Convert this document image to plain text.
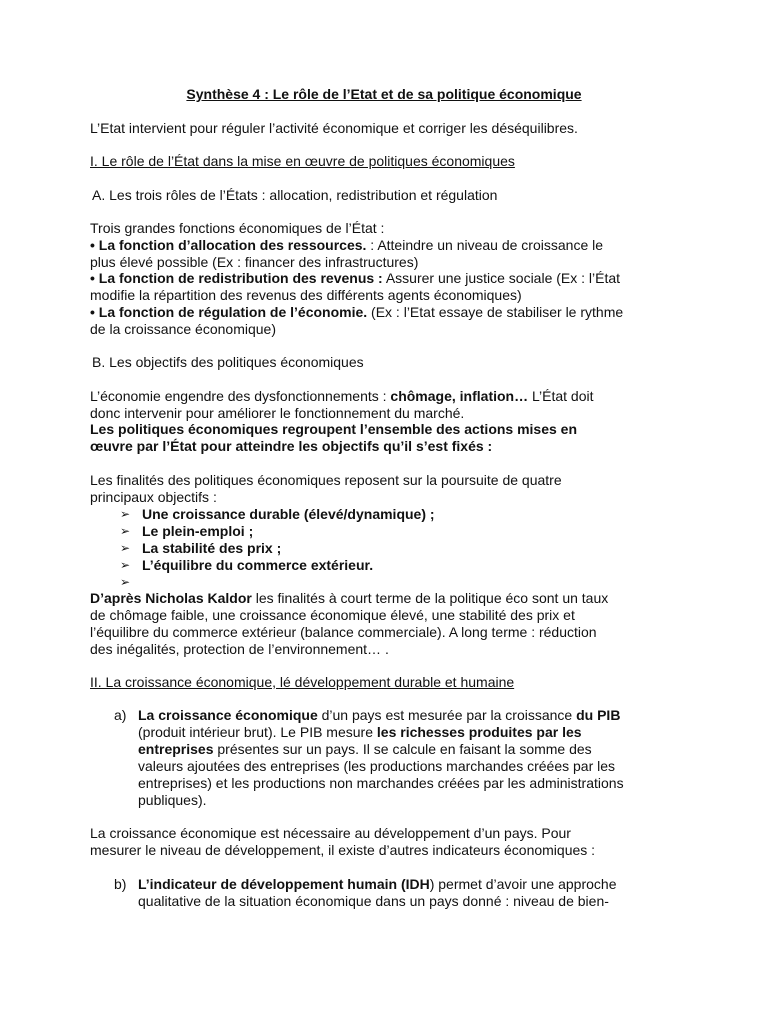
Synthèse 4 : Le rôle de l’Etat et de sa politique économique
L’Etat intervient pour réguler l’activité économique et corriger les déséquilibres.
I. Le rôle de l’État dans la mise en œuvre de politiques économiques
A. Les trois rôles de l’États : allocation, redistribution et régulation
Trois grandes fonctions économiques de l’État :
• La fonction d’allocation des ressources. : Atteindre un niveau de croissance le
plus élevé possible (Ex : financer des infrastructures)
• La fonction de redistribution des revenus : Assurer une justice sociale (Ex : l’État
modifie la répartition des revenus des différents agents économiques)
• La fonction de régulation de l’économie. (Ex : l’Etat essaye de stabiliser le rythme
de la croissance économique)
B. Les objectifs des politiques économiques
L’économie engendre des dysfonctionnements : chômage, inflation… L’État doit
donc intervenir pour améliorer le fonctionnement du marché.
Les politiques économiques regroupent l’ensemble des actions mises en
œuvre par l’État pour atteindre les objectifs qu’il s’est fixés :
Les finalités des politiques économiques reposent sur la poursuite de quatre
principaux objectifs :
➢ Une croissance durable (élevé/dynamique) ;
➢ Le plein-emploi ;
➢ La stabilité des prix ;
➢ L’équilibre du commerce extérieur.
➢
D’après Nicholas Kaldor les finalités à court terme de la politique éco sont un taux
de chômage faible, une croissance économique élevé, une stabilité des prix et
l’équilibre du commerce extérieur (balance commerciale). A long terme : réduction
des inégalités, protection de l’environnement… .
II. La croissance économique, lé développement durable et humaine
a) La croissance économique d’un pays est mesurée par la croissance du PIB
(produit intérieur brut). Le PIB mesure les richesses produites par les
entreprises présentes sur un pays. Il se calcule en faisant la somme des
valeurs ajoutées des entreprises (les productions marchandes créées par les
entreprises) et les productions non marchandes créées par les administrations
publiques).
La croissance économique est nécessaire au développement d’un pays. Pour
mesurer le niveau de développement, il existe d’autres indicateurs économiques :
b) L’indicateur de développement humain (IDH) permet d’avoir une approche
qualitative de la situation économique dans un pays donné : niveau de bien-
